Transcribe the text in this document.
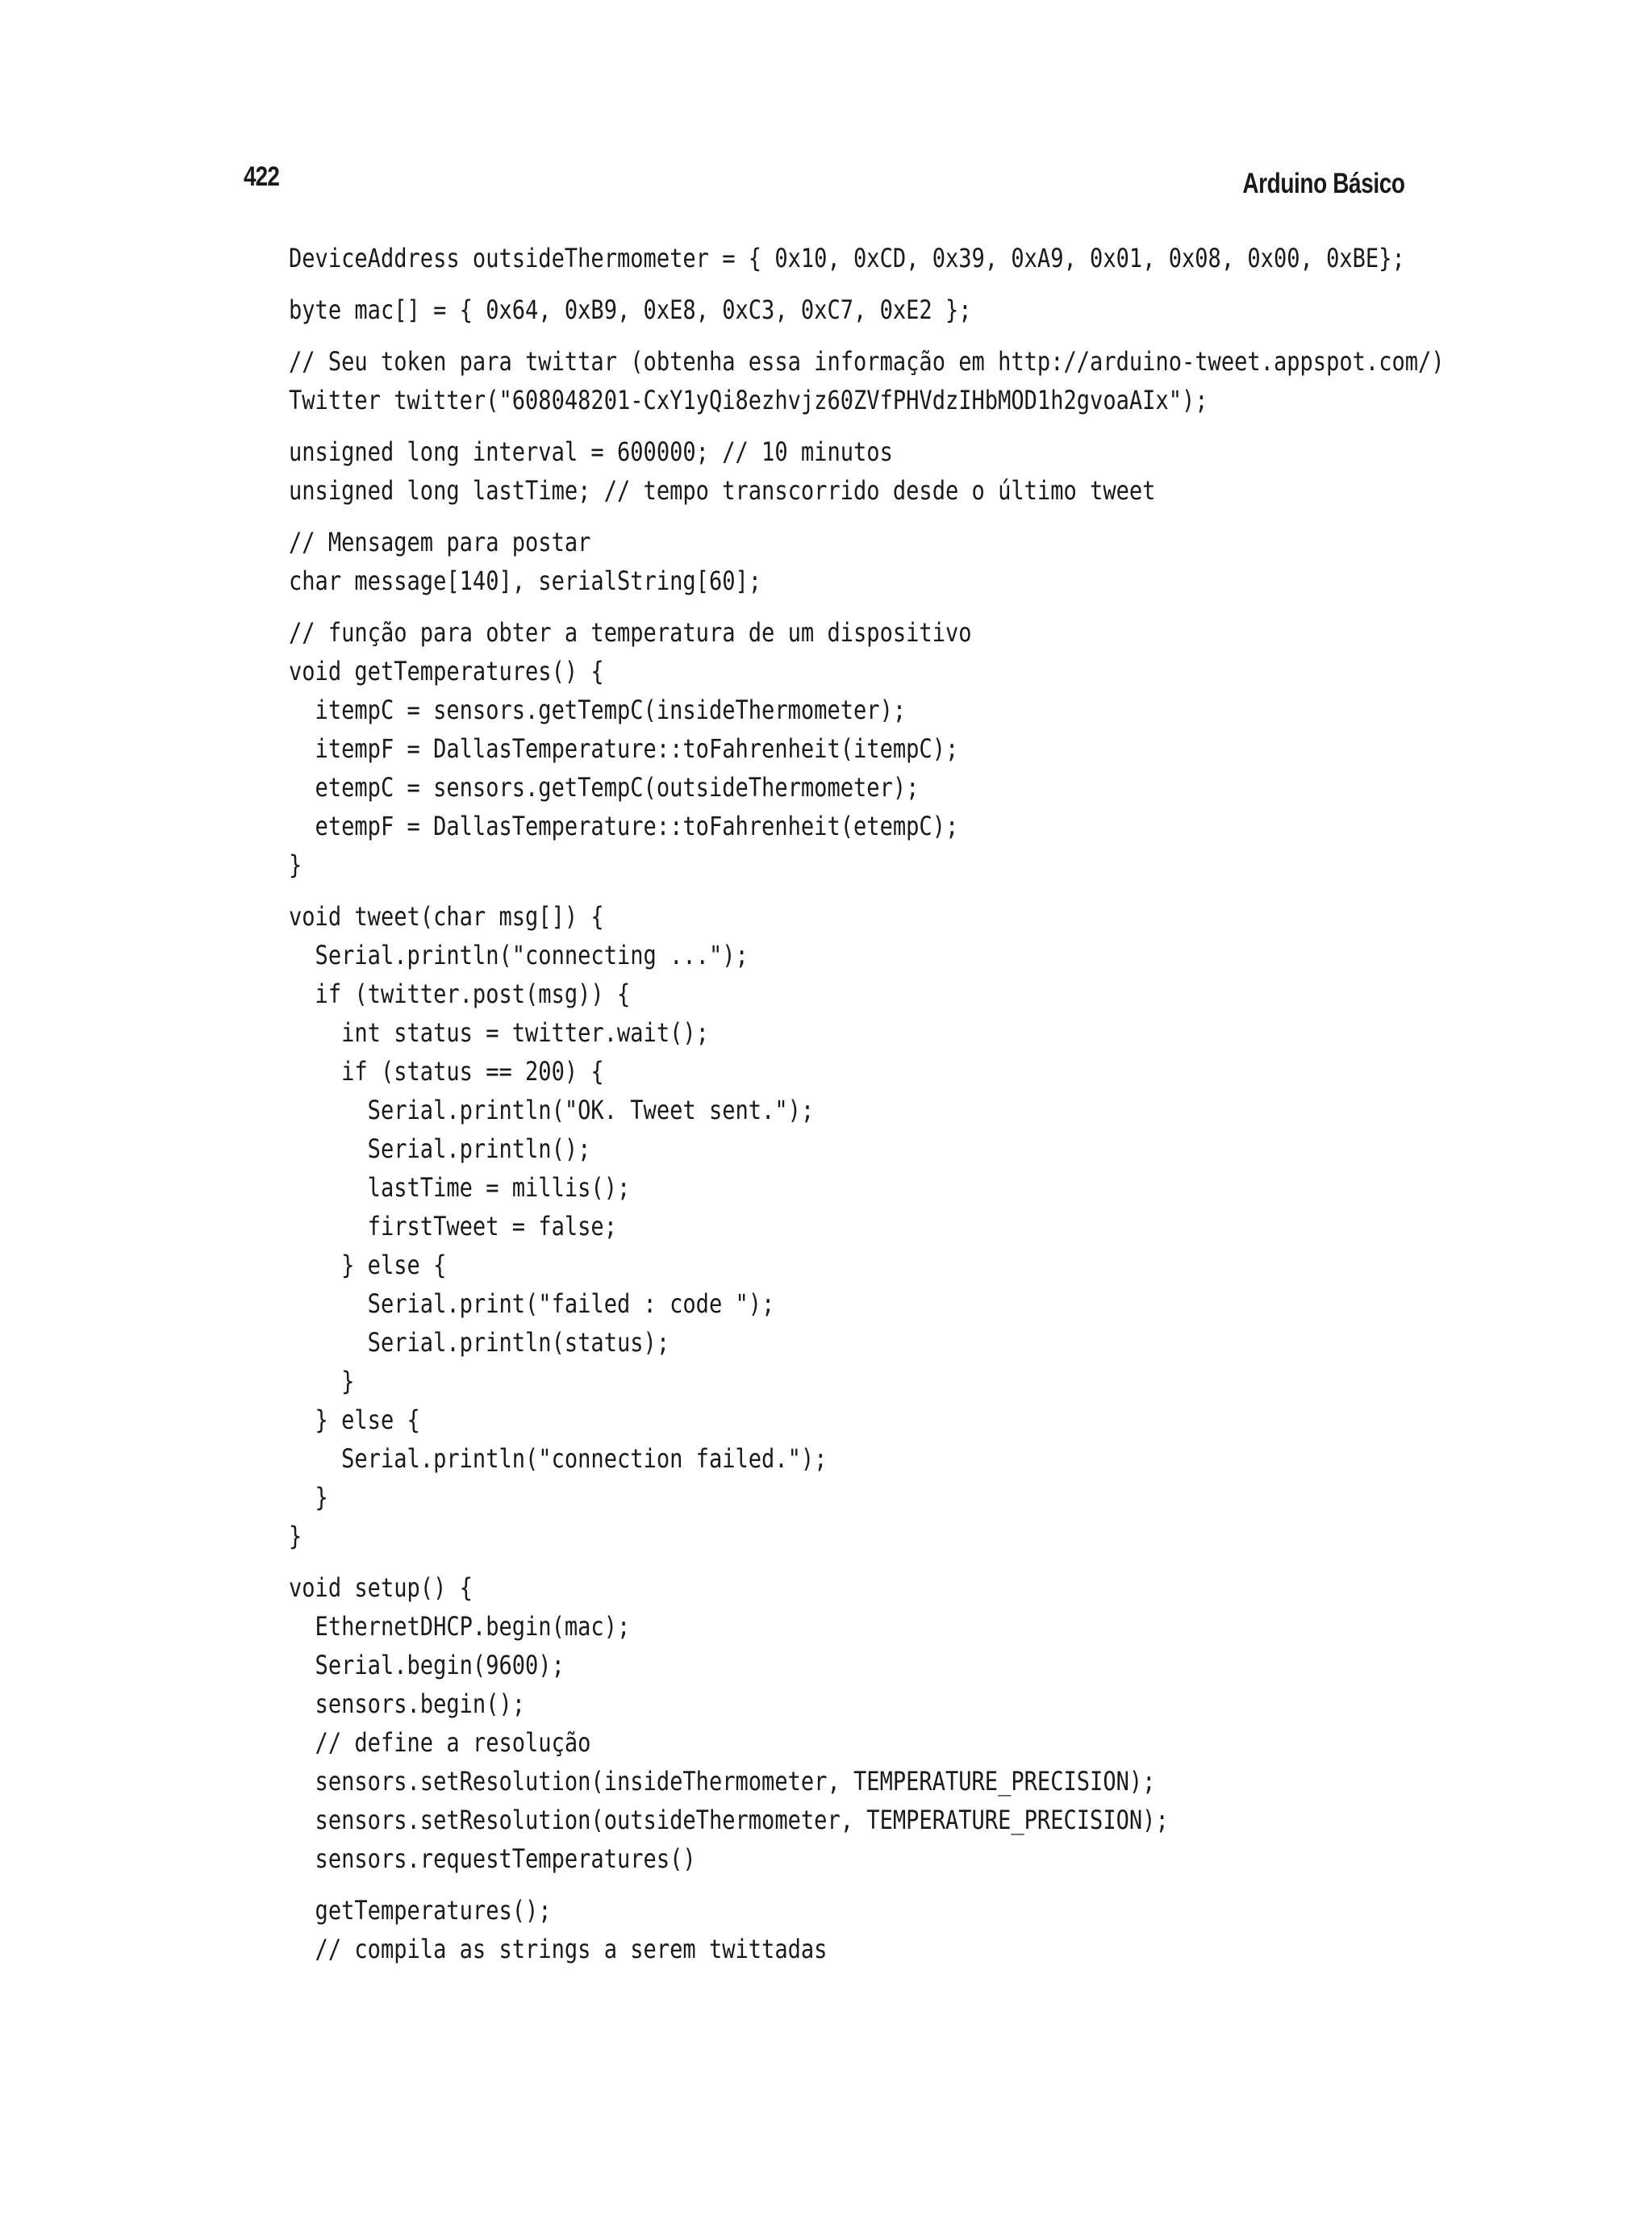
422	Arduino Básico
DeviceAddress outsideThermometer = { 0x10, 0xCD, 0x39, 0xA9, 0x01, 0x08, 0x00, 0xBE};
byte mac[] = { 0x64, 0xB9, 0xE8, 0xC3, 0xC7, 0xE2 };
// Seu token para twittar (obtenha essa informação em http://arduino-tweet.appspot.com/)
Twitter twitter("608048201-CxY1yQi8ezhvjz60ZVfPHVdzIHbMOD1h2gvoaAIx");
unsigned long interval = 600000; // 10 minutos
unsigned long lastTime; // tempo transcorrido desde o último tweet
// Mensagem para postar
char message[140], serialString[60];
// função para obter a temperatura de um dispositivo
void getTemperatures() {
itempC = sensors.getTempC(insideThermometer);
itempF = DallasTemperature::toFahrenheit(itempC);
etempC = sensors.getTempC(outsideThermometer);
etempF = DallasTemperature::toFahrenheit(etempC);
}
void tweet(char msg[]) {
Serial.println("connecting ...");
if (twitter.post(msg)) {
int status = twitter.wait();
if (status == 200) {
Serial.println("OK. Tweet sent.");
Serial.println();
lastTime = millis();
firstTweet = false;
} else {
Serial.print("failed : code ");
Serial.println(status);
}
} else {
Serial.println("connection failed.");
}
}
void setup() {
EthernetDHCP.begin(mac);
Serial.begin(9600);
sensors.begin();
// define a resolução
sensors.setResolution(insideThermometer, TEMPERATURE_PRECISION);
sensors.setResolution(outsideThermometer, TEMPERATURE_PRECISION);
sensors.requestTemperatures()
getTemperatures();
// compila as strings a serem twittadas
